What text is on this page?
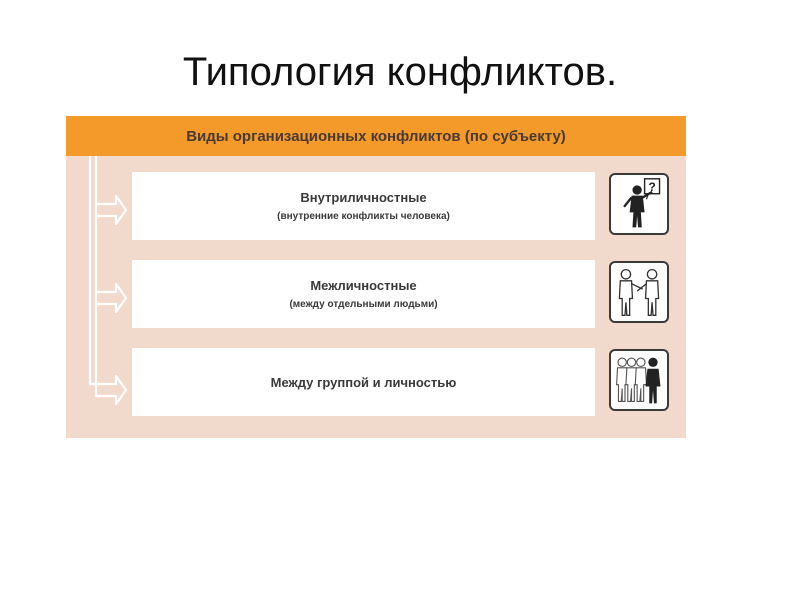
Типология конфликтов.
Виды организационных конфликтов (по субъекту)
Внутриличностные
(внутренние конфликты человека)
?
Межличностные
(между отдельными людьми)
Между группой и личностью
